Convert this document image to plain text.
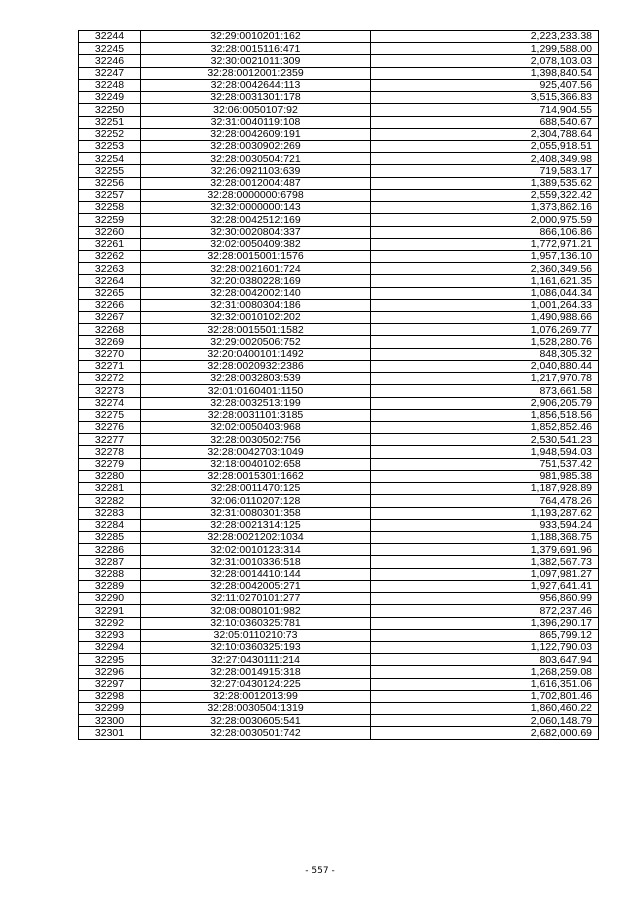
32244	32:29:0010201:162	2,223,233.38
32245	32:28:0015116:471	1,299,588.00
32246	32:30:0021011:309	2,078,103.03
32247	32:28:0012001:2359	1,398,840.54
32248	32:28:0042644:113	925,407.56
32249	32:28:0031301:178	3,515,366.83
32250	32:06:0050107:92	714,904.55
32251	32:31:0040119:108	688,540.67
32252	32:28:0042609:191	2,304,788.64
32253	32:28:0030902:269	2,055,918.51
32254	32:28:0030504:721	2,408,349.98
32255	32:26:0921103:639	719,583.17
32256	32:28:0012004:487	1,389,535.62
32257	32:28:0000000:6798	2,559,322.42
32258	32:32:0000000:143	1,373,862.16
32259	32:28:0042512:169	2,000,975.59
32260	32:30:0020804:337	866,106.86
32261	32:02:0050409:382	1,772,971.21
32262	32:28:0015001:1576	1,957,136.10
32263	32:28:0021601:724	2,360,349.56
32264	32:20:0380228:169	1,161,621.35
32265	32:28:0042002:140	1,086,044.34
32266	32:31:0080304:186	1,001,264.33
32267	32:32:0010102:202	1,490,988.66
32268	32:28:0015501:1582	1,076,269.77
32269	32:29:0020506:752	1,528,280.76
32270	32:20:0400101:1492	848,305.32
32271	32:28:0020932:2386	2,040,880.44
32272	32:28:0032803:539	1,217,970.78
32273	32:01:0160401:1150	873,661.58
32274	32:28:0032513:199	2,906,205.79
32275	32:28:0031101:3185	1,856,518.56
32276	32:02:0050403:968	1,852,852.46
32277	32:28:0030502:756	2,530,541.23
32278	32:28:0042703:1049	1,948,594.03
32279	32:18:0040102:658	751,537.42
32280	32:28:0015301:1662	981,985.38
32281	32:28:0011470:125	1,187,928.89
32282	32:06:0110207:128	764,478.26
32283	32:31:0080301:358	1,193,287.62
32284	32:28:0021314:125	933,594.24
32285	32:28:0021202:1034	1,188,368.75
32286	32:02:0010123:314	1,379,691.96
32287	32:31:0010336:518	1,382,567.73
32288	32:28:0014410:144	1,097,981.27
32289	32:28:0042005:271	1,927,641.41
32290	32:11:0270101:277	956,860.99
32291	32:08:0080101:982	872,237.46
32292	32:10:0360325:781	1,396,290.17
32293	32:05:0110210:73	865,799.12
32294	32:10:0360325:193	1,122,790.03
32295	32:27:0430111:214	803,647.94
32296	32:28:0014915:318	1,268,259.08
32297	32:27:0430124:225	1,616,351.06
32298	32:28:0012013:99	1,702,801.46
32299	32:28:0030504:1319	1,860,460.22
32300	32:28:0030605:541	2,060,148.79
32301	32:28:0030501:742	2,682,000.69
- 557 -
